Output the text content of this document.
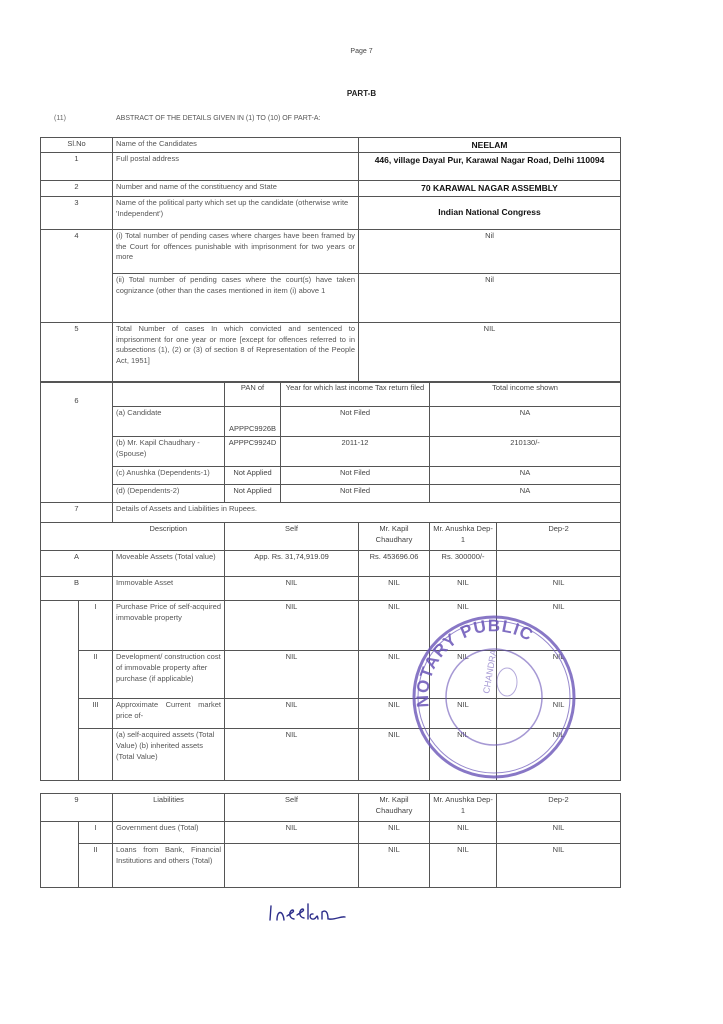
Page 7
PART-B
(11)	ABSTRACT OF THE DETAILS GIVEN IN (1) TO (10) OF PART-A:
Sl.No	Name of the Candidates	NEELAM
1	Full postal address	446, village Dayal Pur, Karawal Nagar Road, Delhi 110094
2	Number and name of the constituency and State	70 KARAWAL NAGAR ASSEMBLY
3	Name of the political party which set up the candidate (otherwise write 'Independent')	Indian National Congress
4	(i) Total number of pending cases where charges have been framed by the Court for offences punishable with imprisonment for two years or more	Nil
	(ii) Total number of pending cases where the court(s) have taken cognizance (other than the cases mentioned in item (i) above 1	Nil
5	Total Number of cases In which convicted and sentenced to imprisonment for one year or more [except for offences referred to in subsections (1), (2) or (3) of section 8 of Representation of the People Act, 1951]	NIL
6		PAN of	Year for which last income Tax return filed	Total income shown
	(a) Candidate	APPPC9926B	Not Filed	NA
	(b) Mr. Kapil Chaudhary - (Spouse)	APPPC9924D	2011-12	210130/-
	(c) Anushka (Dependents-1)	Not Applied	Not Filed	NA
	(d) (Dependents-2)	Not Applied	Not Filed	NA
7		Details of Assets and Liabilities in Rupees.				
		Description	Self	Mr. Kapil Chaudhary	Mr. Anushka Dep-1	Dep-2
A		Moveable Assets (Total value)	App. Rs. 31,74,919.09	Rs. 453696.06	Rs. 300000/-	
B		Immovable Asset	NIL	NIL	NIL	NIL
	I	Purchase Price of self-acquired immovable property	NIL	NIL	NIL	NIL
	II	Development/ construction cost of immovable property after purchase (if applicable)	NIL	NIL	NIL	NIL
	III	Approximate Current market price of-	NIL	NIL	NIL	NIL
		(a) self-acquired assets (Total Value) (b) inherited assets (Total Value)	NIL	NIL	NIL	NIL
9		Liabilities	Self	Mr. Kapil Chaudhary	Mr. Anushka Dep-1	Dep-2
	I	Government dues (Total)	NIL	NIL	NIL	NIL
	II	Loans from Bank, Financial Institutions and others (Total)		NIL	NIL	NIL
NOTARY PUBLIC
CHANDRA
